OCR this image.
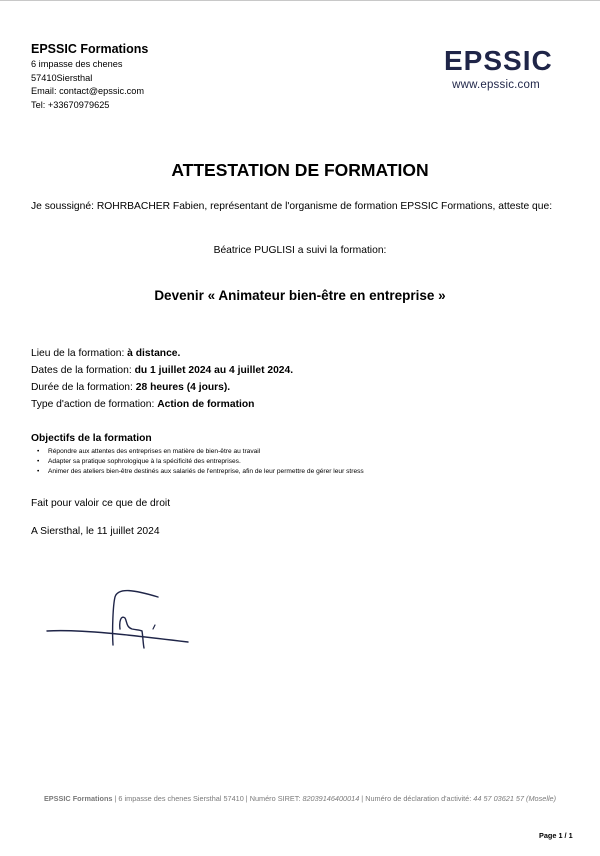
EPSSIC Formations
6 impasse des chenes
57410Siersthal
Email: contact@epssic.com
Tel: +33670979625
EPSSIC
www.epssic.com
ATTESTATION DE FORMATION
Je soussigné: ROHRBACHER Fabien, représentant de l'organisme de formation EPSSIC Formations, atteste que:
Béatrice PUGLISI a suivi la formation:
Devenir « Animateur bien-être en entreprise »
Lieu de la formation: à distance.
Dates de la formation: du 1 juillet 2024 au 4 juillet 2024.
Durée de la formation: 28 heures (4 jours).
Type d'action de formation: Action de formation
Objectifs de la formation
• Répondre aux attentes des entreprises en matière de bien-être au travail
• Adapter sa pratique sophrologique à la spécificité des entreprises.
• Animer des ateliers bien-être destinés aux salariés de l'entreprise, afin de leur permettre de gérer leur stress
Fait pour valoir ce que de droit
A Siersthal, le 11 juillet 2024
EPSSIC Formations | 6 impasse des chenes Siersthal 57410 | Numéro SIRET: 82039146400014 | Numéro de déclaration d'activité: 44 57 03621 57 (Moselle)
Page 1 / 1
